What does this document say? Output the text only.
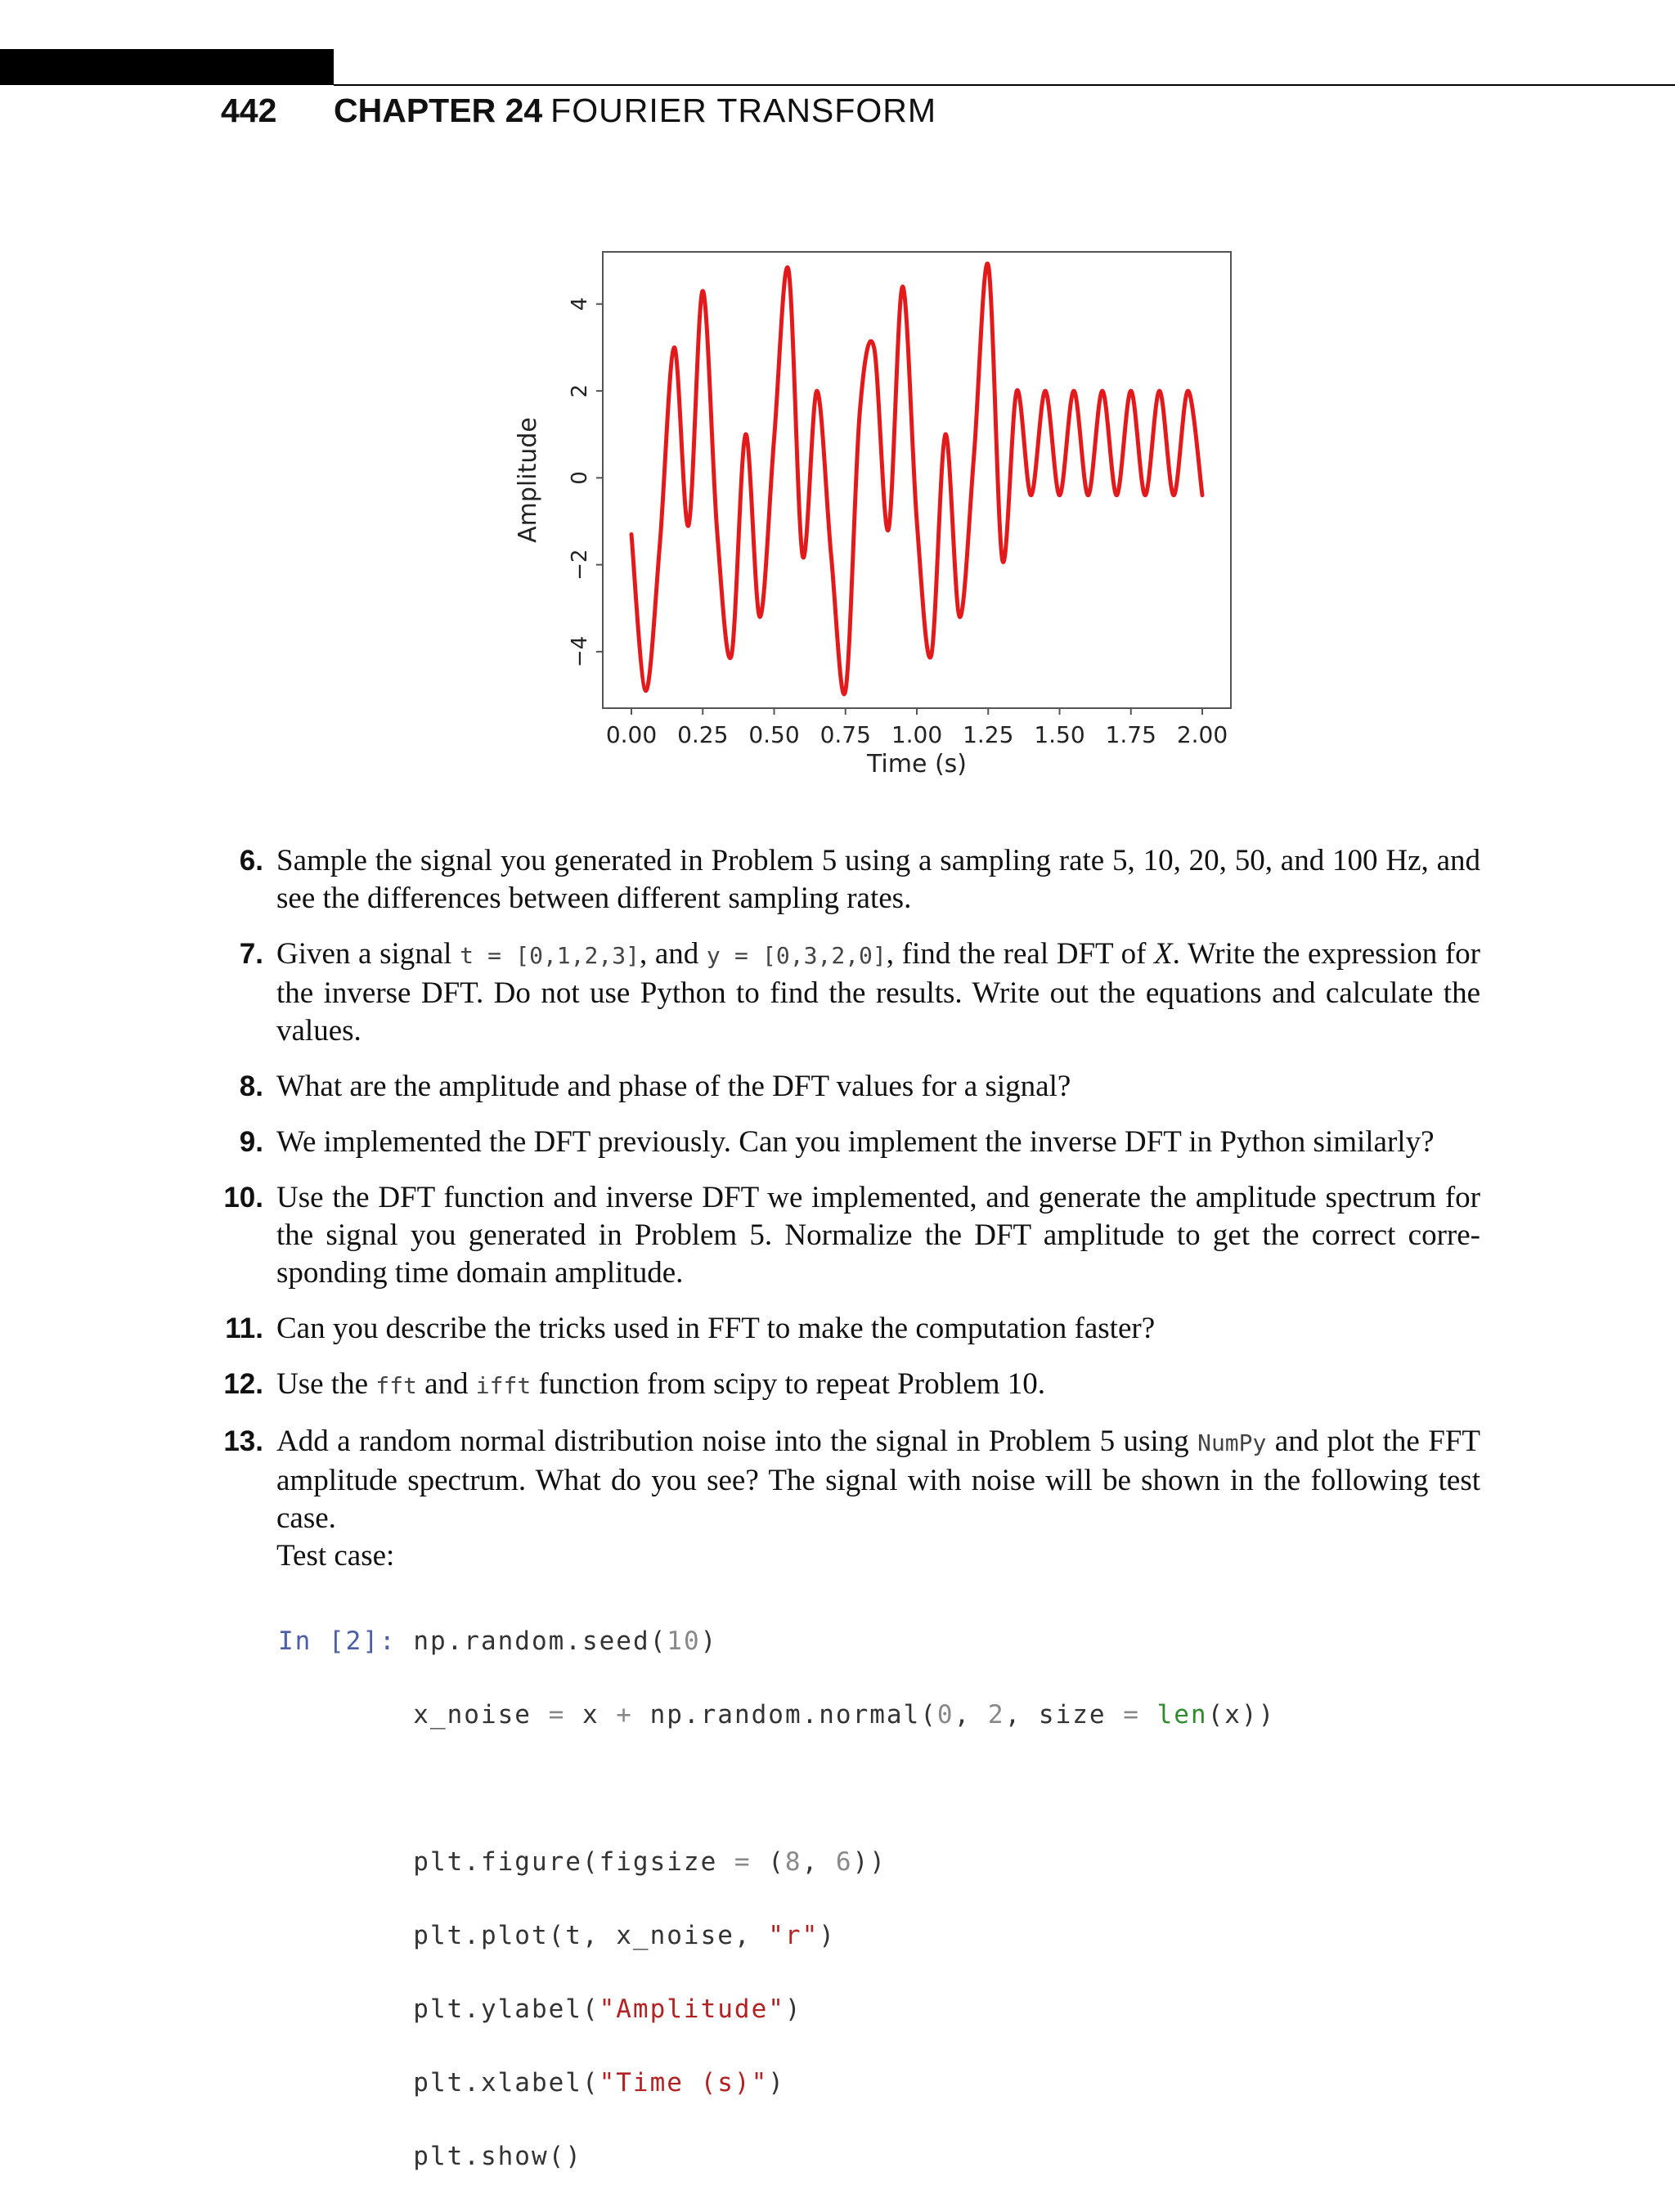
442 CHAPTER 24 FOURIER TRANSFORM
−4
−2
0
2
4
0.00 0.25 0.50 0.75 1.00 1.25 1.50 1.75 2.00
Time (s)
Amplitude
6. Sample the signal you generated in Problem 5 using a sampling rate 5, 10, 20, 50, and 100 Hz, and see the differences between different sampling rates.
7. Given a signal t = [0,1,2,3], and y = [0,3,2,0], find the real DFT of X. Write the expression for the inverse DFT. Do not use Python to find the results. Write out the equations and calculate the values.
8. What are the amplitude and phase of the DFT values for a signal?
9. We implemented the DFT previously. Can you implement the inverse DFT in Python similarly?
10. Use the DFT function and inverse DFT we implemented, and generate the amplitude spectrum for the signal you generated in Problem 5. Normalize the DFT amplitude to get the correct corre-sponding time domain amplitude.
11. Can you describe the tricks used in FFT to make the computation faster?
12. Use the fft and ifft function from scipy to repeat Problem 10.
13. Add a random normal distribution noise into the signal in Problem 5 using NumPy and plot the FFT amplitude spectrum. What do you see? The signal with noise will be shown in the following test case.
Test case:

In [2]: np.random.seed(10)

x_noise = x + np.random.normal(0, 2, size = len(x))

plt.figure(figsize = (8, 6))

plt.plot(t, x_noise, "r")

plt.ylabel("Amplitude")

plt.xlabel("Time (s)")

plt.show()
